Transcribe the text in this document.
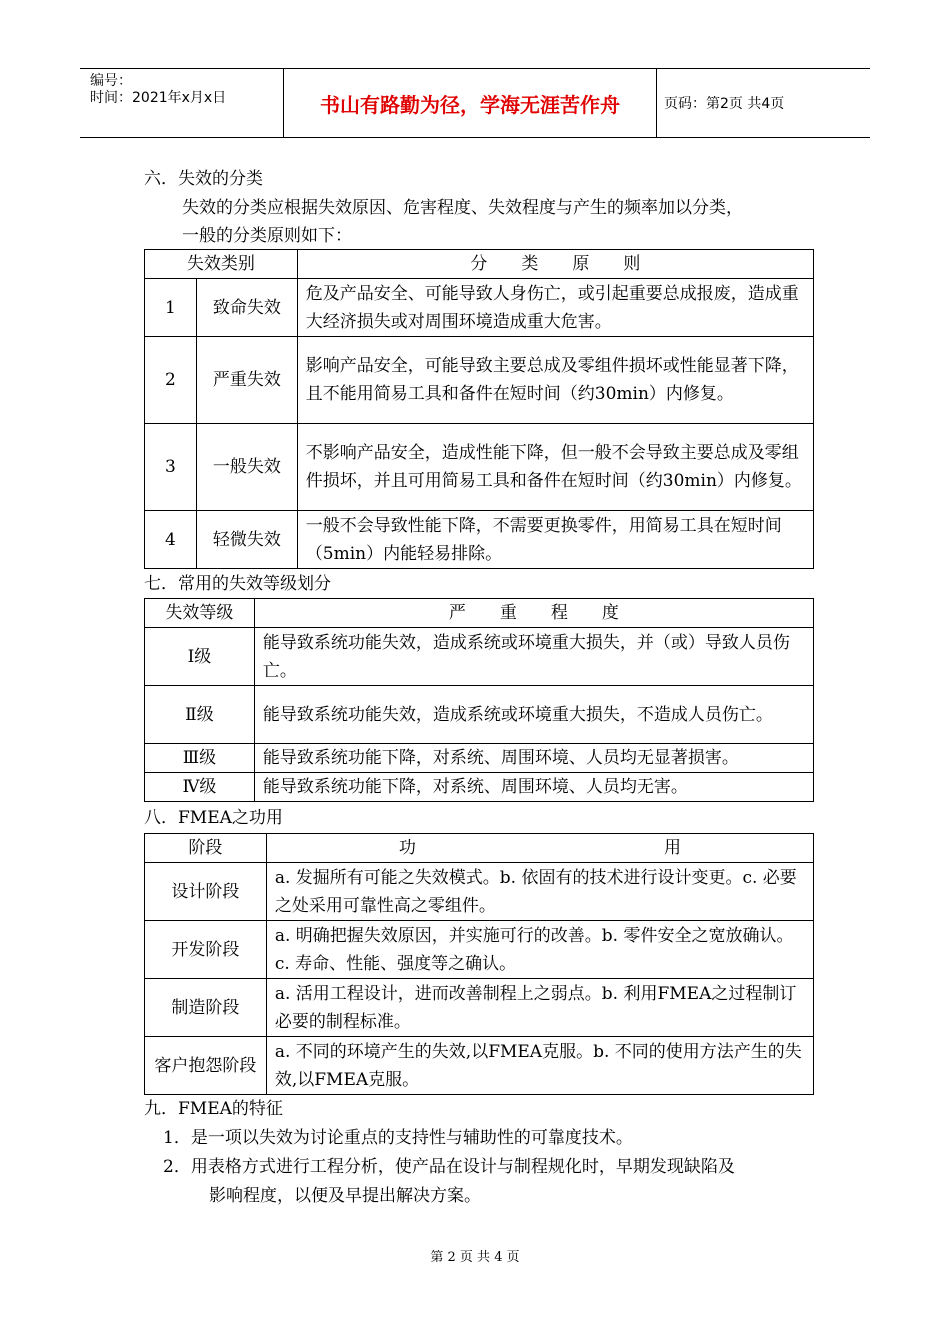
编号：
时间：2021年x月x日	书山有路勤为径，学海无涯苦作舟	页码：第2页 共4页
六．失效的分类
失效的分类应根据失效原因、危害程度、失效程度与产生的频率加以分类，
一般的分类原则如下：
失效类别		分　　类　　原　　则
1	致命失效	危及产品安全、可能导致人身伤亡，或引起重要总成报废，造成重大经济损失或对周围环境造成重大危害。
2	严重失效	影响产品安全，可能导致主要总成及零组件损坏或性能显著下降，且不能用简易工具和备件在短时间（约30min）内修复。
3	一般失效	不影响产品安全，造成性能下降，但一般不会导致主要总成及零组件损坏，并且可用简易工具和备件在短时间（约30min）内修复。
4	轻微失效	一般不会导致性能下降，不需要更换零件，用简易工具在短时间（5min）内能轻易排除。
七．常用的失效等级划分
失效等级	严　　重　　程　　度
Ⅰ级	能导致系统功能失效，造成系统或环境重大损失，并（或）导致人员伤亡。
Ⅱ级	能导致系统功能失效，造成系统或环境重大损失，不造成人员伤亡。
Ⅲ级	能导致系统功能下降，对系统、周围环境、人员均无显著损害。
Ⅳ级	能导致系统功能下降，对系统、周围环境、人员均无害。
八．FMEA之功用
阶段	功 用

设计阶段	a. 发掘所有可能之失效模式。b. 依固有的技术进行设计变更。c. 必要之处采用可靠性高之零组件。
开发阶段	a. 明确把握失效原因，并实施可行的改善。b. 零件安全之宽放确认。c. 寿命、性能、强度等之确认。
制造阶段	a. 活用工程设计，进而改善制程上之弱点。b. 利用FMEA之过程制订必要的制程标准。
客户抱怨阶段	a. 不同的环境产生的失效,以FMEA克服。b. 不同的使用方法产生的失效,以FMEA克服。
九．FMEA的特征
1．是一项以失效为讨论重点的支持性与辅助性的可靠度技术。
2．用表格方式进行工程分析，使产品在设计与制程规化时，早期发现缺陷及
影响程度，以便及早提出解决方案。
第 2 页 共 4 页
